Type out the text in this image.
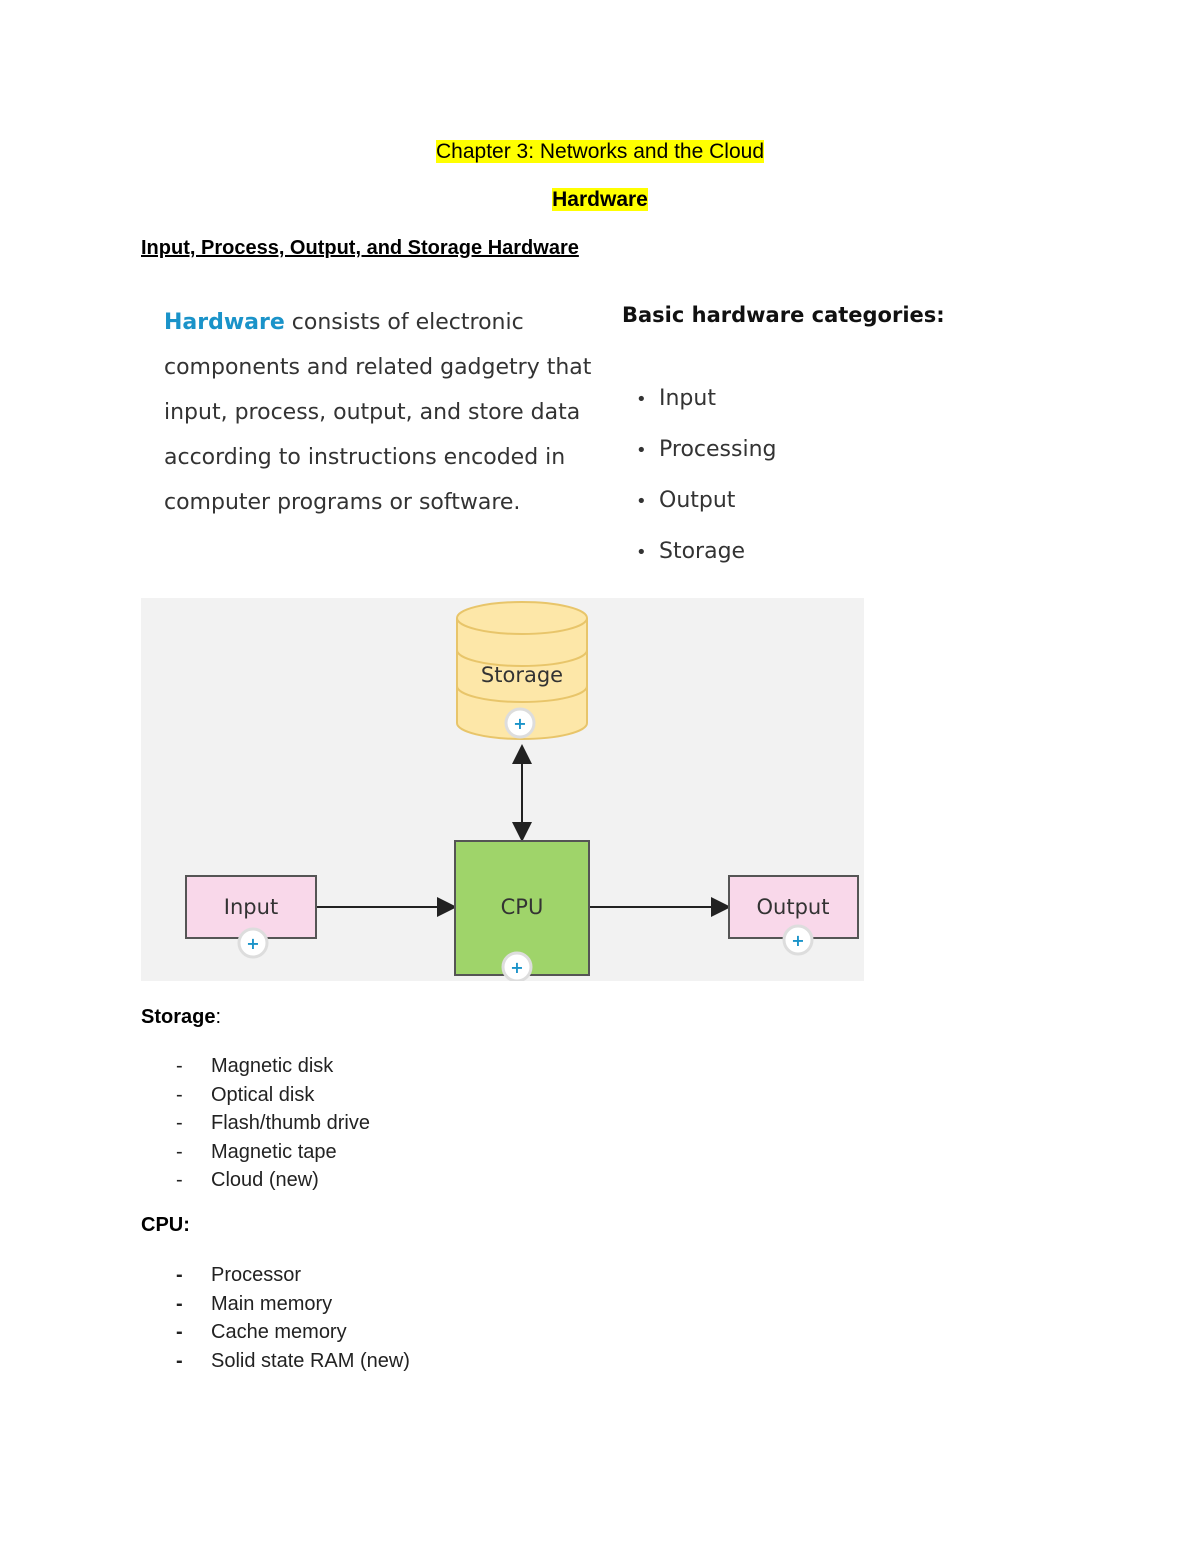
Chapter 3: Networks and the Cloud
Hardware
Input, Process, Output, and Storage Hardware
Hardware consists of electronic components and related gadgetry that input, process, output, and store data according to instructions encoded in computer programs or software.
Basic hardware categories:
• Input
• Processing
• Output
• Storage
Storage
CPU
Input	Output
+
+
+
+
Storage:
- Magnetic disk
- Optical disk
- Flash/thumb drive
- Magnetic tape
- Cloud (new)
CPU:
- Processor
- Main memory
- Cache memory
- Solid state RAM (new)
